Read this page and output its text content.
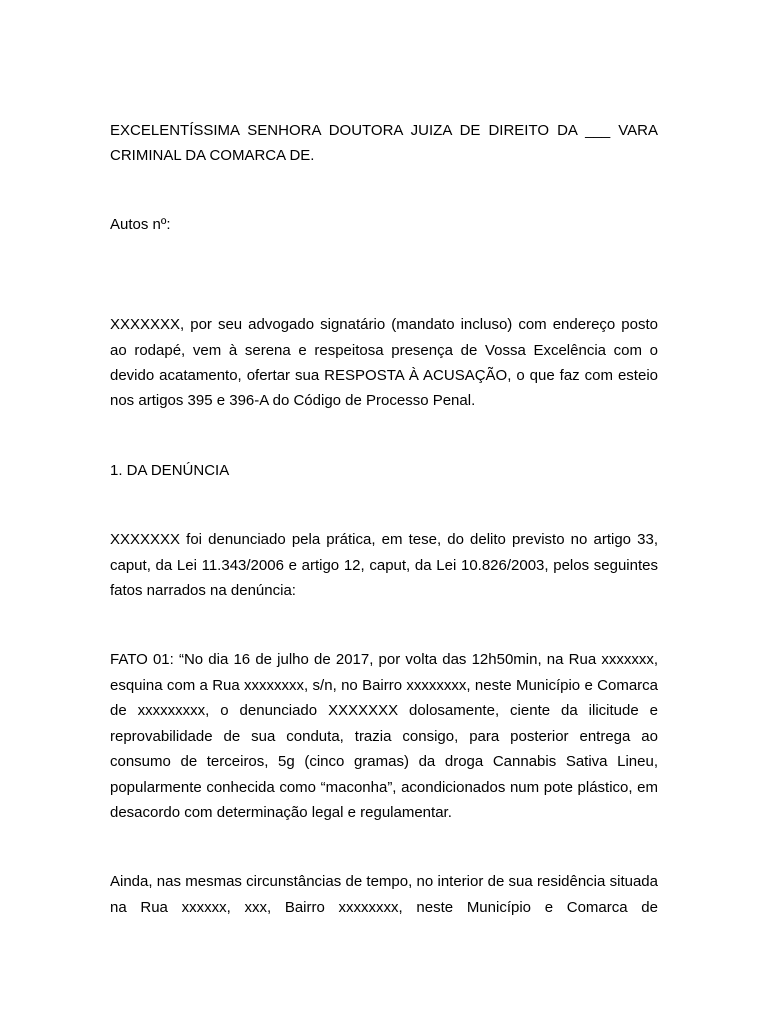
EXCELENTÍSSIMA SENHORA DOUTORA JUIZA DE DIREITO DA ___ VARA CRIMINAL DA COMARCA DE.

Autos nº:

XXXXXXX, por seu advogado signatário (mandato incluso) com endereço posto ao rodapé, vem à serena e respeitosa presença de Vossa Excelência com o devido acatamento, ofertar sua RESPOSTA À ACUSAÇÃO, o que faz com esteio nos artigos 395 e 396-A do Código de Processo Penal.

1. DA DENÚNCIA

XXXXXXX foi denunciado pela prática, em tese, do delito previsto no artigo 33, caput, da Lei 11.343/2006 e artigo 12, caput, da Lei 10.826/2003, pelos seguintes fatos narrados na denúncia:

FATO 01: “No dia 16 de julho de 2017, por volta das 12h50min, na Rua xxxxxxx, esquina com a Rua xxxxxxxx, s/n, no Bairro xxxxxxxx, neste Município e Comarca de xxxxxxxxx, o denunciado XXXXXXX dolosamente, ciente da ilicitude e reprovabilidade de sua conduta, trazia consigo, para posterior entrega ao consumo de terceiros, 5g (cinco gramas) da droga Cannabis Sativa Lineu, popularmente conhecida como “maconha”, acondicionados num pote plástico, em desacordo com determinação legal e regulamentar.

Ainda, nas mesmas circunstâncias de tempo, no interior de sua residência situada na Rua xxxxxx, xxx, Bairro xxxxxxxx, neste Município e Comarca de
